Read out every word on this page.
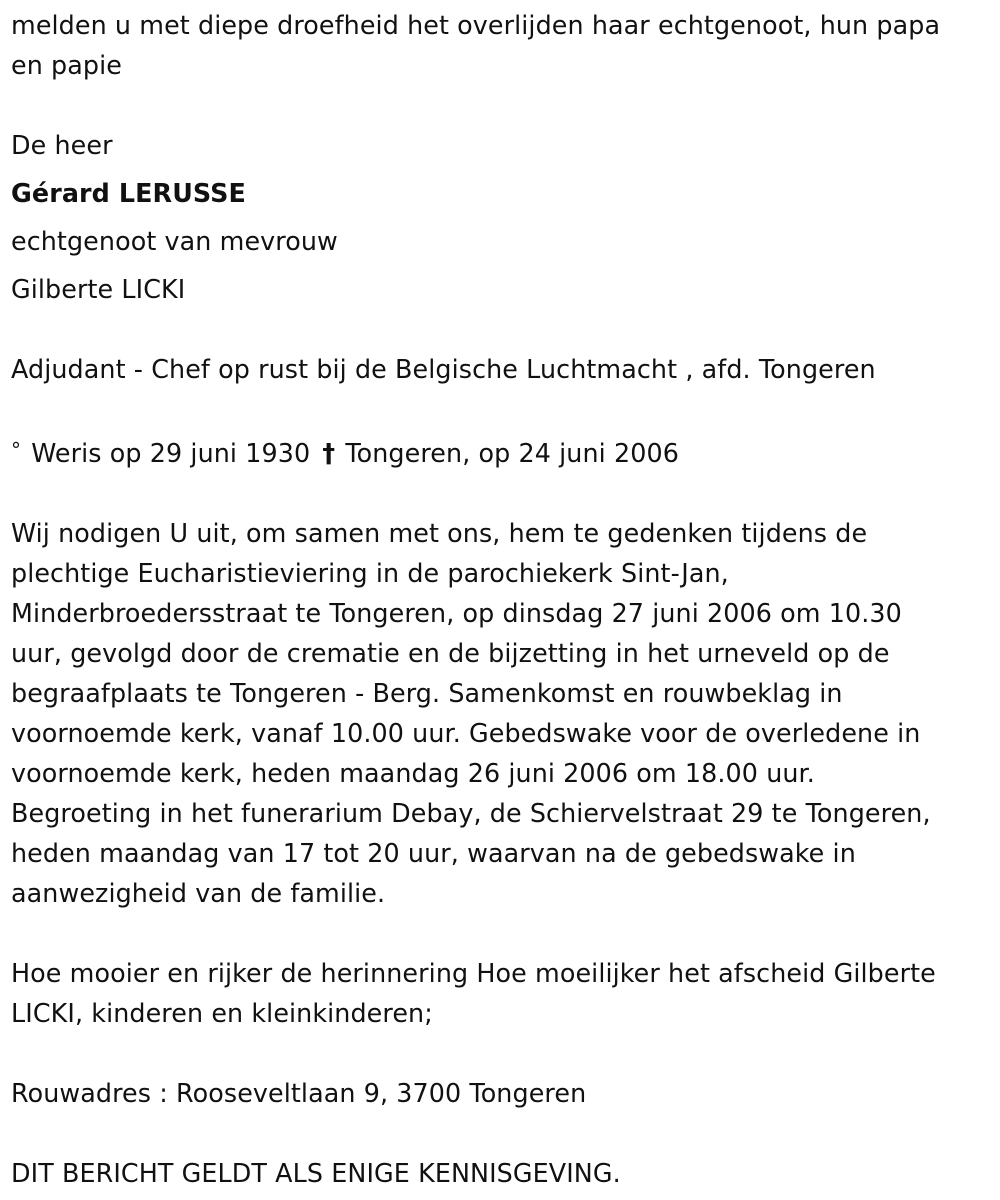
melden u met diepe droefheid het overlijden haar echtgenoot, hun papa
en papie
De heer
Gérard LERUSSE
echtgenoot van mevrouw
Gilberte LICKI
Adjudant - Chef op rust bij de Belgische Luchtmacht , afd. Tongeren
° Weris op 29 juni 1930 † Tongeren, op 24 juni 2006
Wij nodigen U uit, om samen met ons, hem te gedenken tijdens de
plechtige Eucharistieviering in de parochiekerk Sint-Jan,
Minderbroedersstraat te Tongeren, op dinsdag 27 juni 2006 om 10.30
uur, gevolgd door de crematie en de bijzetting in het urneveld op de
begraafplaats te Tongeren - Berg. Samenkomst en rouwbeklag in
voornoemde kerk, vanaf 10.00 uur. Gebedswake voor de overledene in
voornoemde kerk, heden maandag 26 juni 2006 om 18.00 uur.
Begroeting in het funerarium Debay, de Schiervelstraat 29 te Tongeren,
heden maandag van 17 tot 20 uur, waarvan na de gebedswake in
aanwezigheid van de familie.
Hoe mooier en rijker de herinnering Hoe moeilijker het afscheid Gilberte
LICKI, kinderen en kleinkinderen;
Rouwadres : Rooseveltlaan 9, 3700 Tongeren
DIT BERICHT GELDT ALS ENIGE KENNISGEVING.
